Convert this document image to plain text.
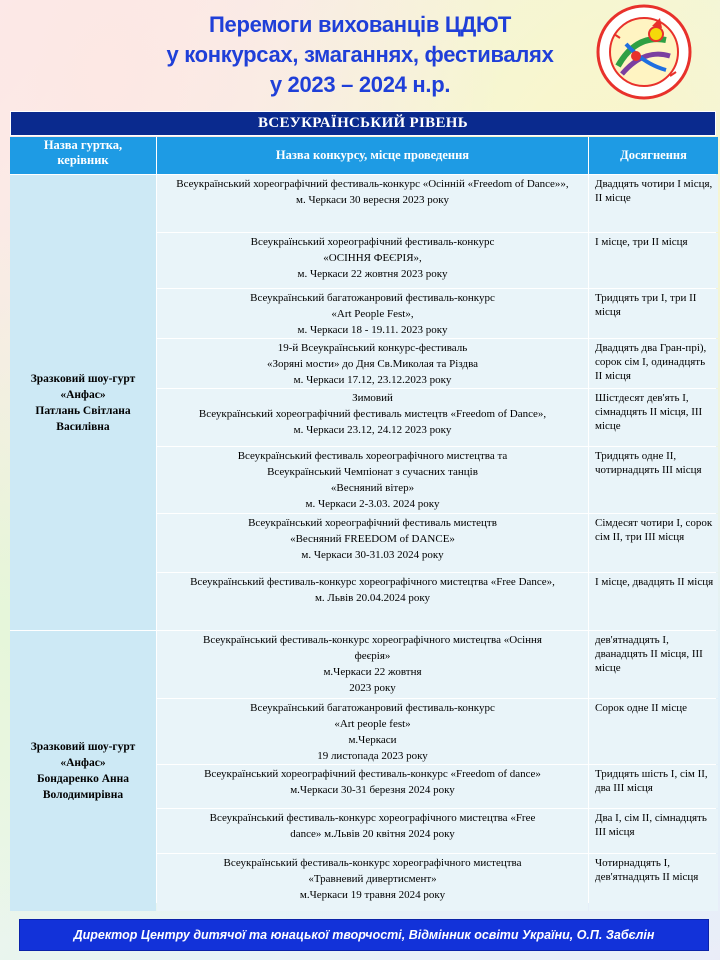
Перемоги вихованців ЦДЮТ
у конкурсах, змаганнях, фестивалях
у 2023 – 2024 н.р.
ВСЕУКРАЇНСЬКИЙ РІВЕНЬ
Назва гуртка,
керівник	Назва конкурсу, місце проведення	Досягнення
Зразковий шоу-гурт
«Анфас»
Патлань Світлана
Василівна
Всеукраїнський хореографічний фестиваль-конкурс «Осінній «Freedom of Dance»»,
м. Черкаси 30 вересня 2023 року
Двадцять чотири І місця, ІІ місце
Всеукраїнський хореографічний фестиваль-конкурс
«ОСІННЯ ФЕЄРІЯ»,
м. Черкаси 22 жовтня 2023 року
І місце, три ІІ місця
Всеукраїнський багатожанровий фестиваль-конкурс
«Art People Fest»,
м. Черкаси 18 - 19.11. 2023 року
Тридцять три І, три ІІ місця
19-й Всеукраїнський конкурс-фестиваль
«Зоряні мости» до Дня Св.Миколая та Різдва
м. Черкаси 17.12, 23.12.2023 року
Двадцять два Гран-прі), сорок сім І, одинадцять ІІ місця
Зимовий
Всеукраїнський хореографічний фестиваль мистецтв «Freedom of Dance»,
м. Черкаси 23.12, 24.12 2023 року
Шістдесят дев'ять І, сімнадцять ІІ місця, ІІІ місце
Всеукраїнський фестиваль хореографічного мистецтва та
Всеукраїнський Чемпіонат з сучасних танців
«Весняний вітер»
м. Черкаси 2-3.03. 2024 року
Тридцять одне ІІ, чотирнадцять ІІІ місця
Всеукраїнський хореографічний фестиваль мистецтв
«Весняний FREEDOM of DANCE»
м. Черкаси 30-31.03 2024 року
Сімдесят чотири І, сорок сім ІІ, три ІІІ місця
Всеукраїнський фестиваль-конкурс хореографічного мистецтва «Free Dance»,
м. Львів 20.04.2024 року
І місце, двадцять ІІ місця
Зразковий шоу-гурт
«Анфас»
Бондаренко Анна
Володимирівна
Всеукраїнський фестиваль-конкурс хореографічного мистецтва «Осіння
феєрія»
м.Черкаси 22 жовтня
2023 року
дев'ятнадцять І, дванадцять ІІ місця, ІІІ місце
Всеукраїнський багатожанровий фестиваль-конкурс
«Art people fest»
м.Черкаси
19 листопада 2023 року
Сорок одне ІІ місце
Всеукраїнський хореографічний фестиваль-конкурс «Freedom of dance»
м.Черкаси 30-31 березня 2024 року
Тридцять шість І, сім ІІ, два ІІІ місця
Всеукраїнський фестиваль-конкурс хореографічного мистецтва «Free
dance» м.Львів 20 квітня 2024 року
Два І, сім ІІ, сімнадцять ІІІ місця
Всеукраїнський фестиваль-конкурс хореографічного мистецтва
«Травневий дивертисмент»
м.Черкаси 19 травня 2024 року
Чотирнадцять І, дев'ятнадцять ІІ місця
Директор Центру дитячої та юнацької творчості, Відмінник освіти України, О.П. Забєлін
